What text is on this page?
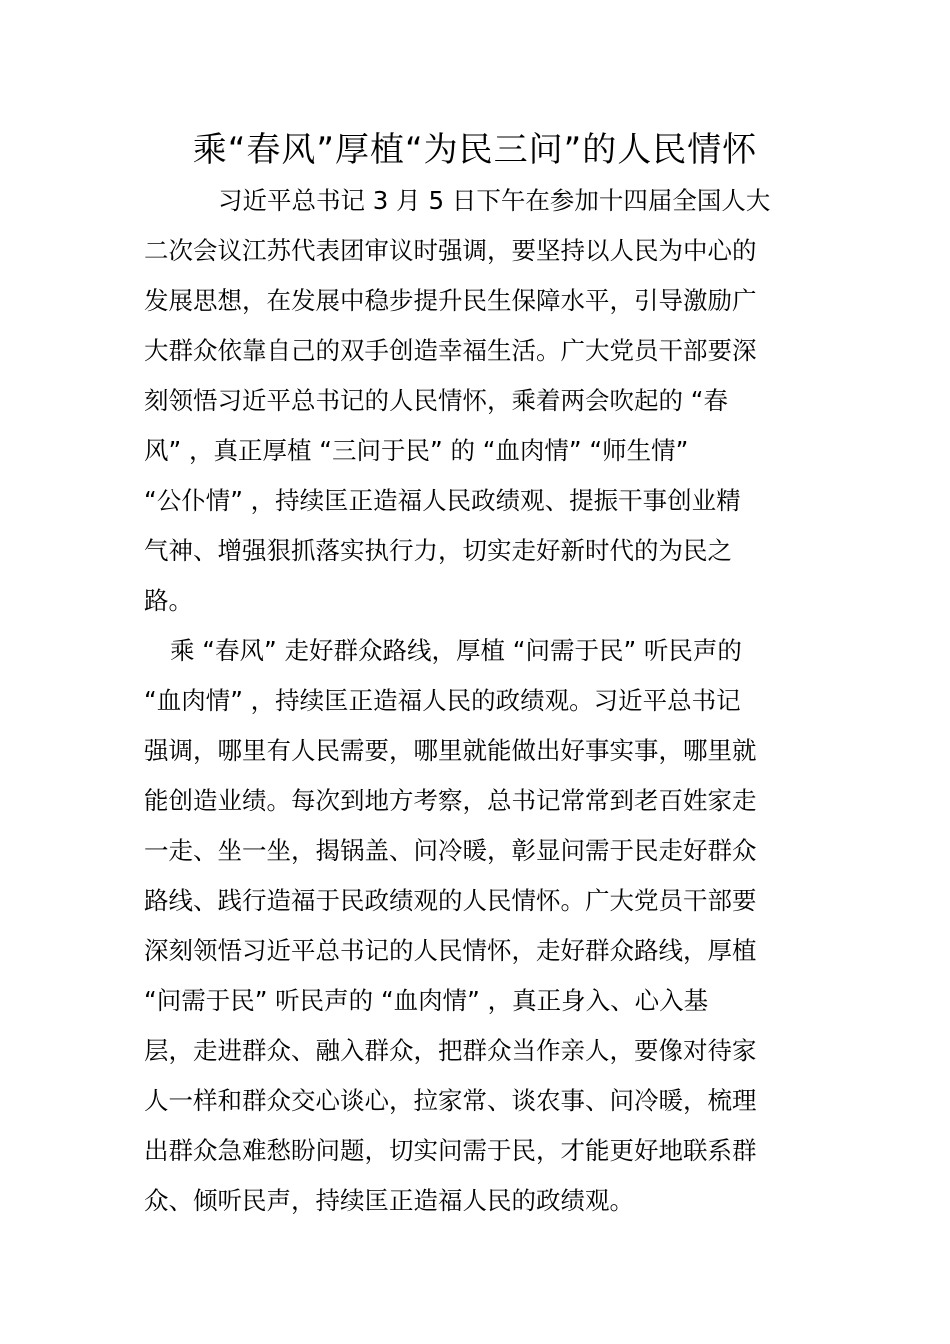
乘“春风”厚植“为民三问”的人民情怀
习近平总书记 3 月 5 日下午在参加十四届全国人大
二次会议江苏代表团审议时强调，要坚持以人民为中心的
发展思想，在发展中稳步提升民生保障水平，引导激励广
大群众依靠自己的双手创造幸福生活。广大党员干部要深
刻领悟习近平总书记的人民情怀，乘着两会吹起的 “春
风” ，真正厚植 “三问于民” 的 “血肉情” “师生情”
“公仆情” ，持续匡正造福人民政绩观、提振干事创业精
气神、增强狠抓落实执行力，切实走好新时代的为民之
路。
乘 “春风” 走好群众路线，厚植 “问需于民” 听民声的
“血肉情” ，持续匡正造福人民的政绩观。习近平总书记
强调，哪里有人民需要，哪里就能做出好事实事，哪里就
能创造业绩。每次到地方考察，总书记常常到老百姓家走
一走、坐一坐，揭锅盖、问冷暖，彰显问需于民走好群众
路线、践行造福于民政绩观的人民情怀。广大党员干部要
深刻领悟习近平总书记的人民情怀，走好群众路线，厚植
“问需于民” 听民声的 “血肉情” ，真正身入、心入基
层，走进群众、融入群众，把群众当作亲人，要像对待家
人一样和群众交心谈心，拉家常、谈农事、问冷暖，梳理
出群众急难愁盼问题，切实问需于民，才能更好地联系群
众、倾听民声，持续匡正造福人民的政绩观。
